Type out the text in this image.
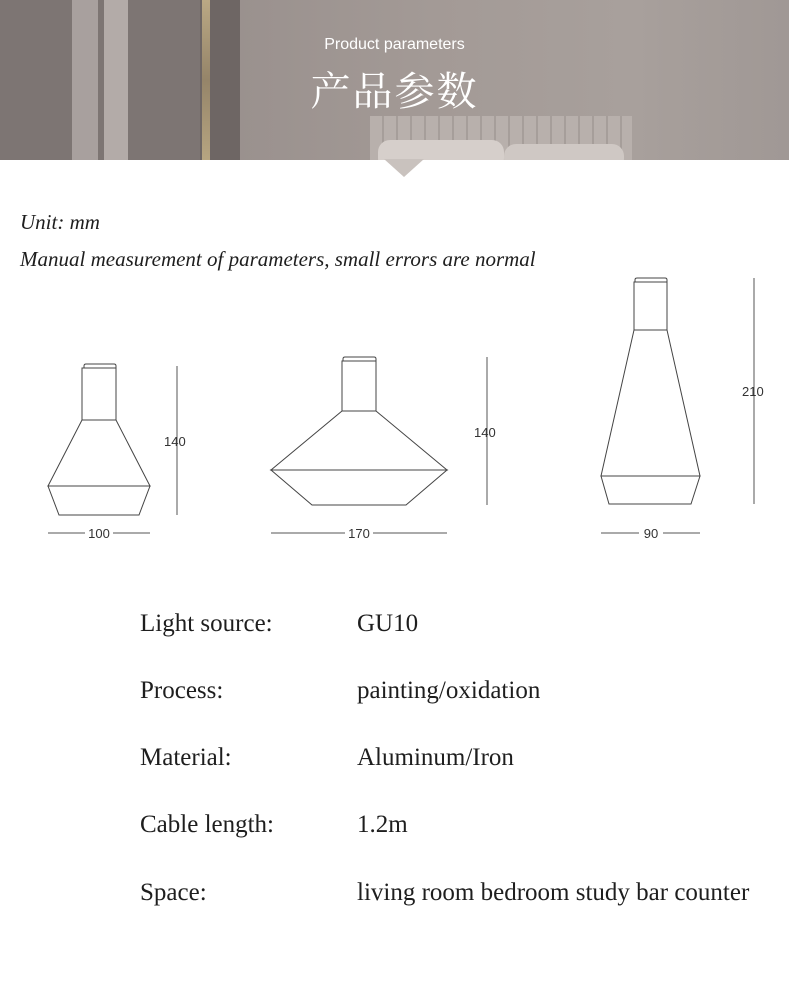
Product parameters
产品参数
Unit: mm
Manual measurement of parameters, small errors are normal
100
140
170
140
90
210
Light source:	GU10
Process:	painting/oxidation
Material:	Aluminum/Iron
Cable length:	1.2m
Space:	living room bedroom study bar counter
